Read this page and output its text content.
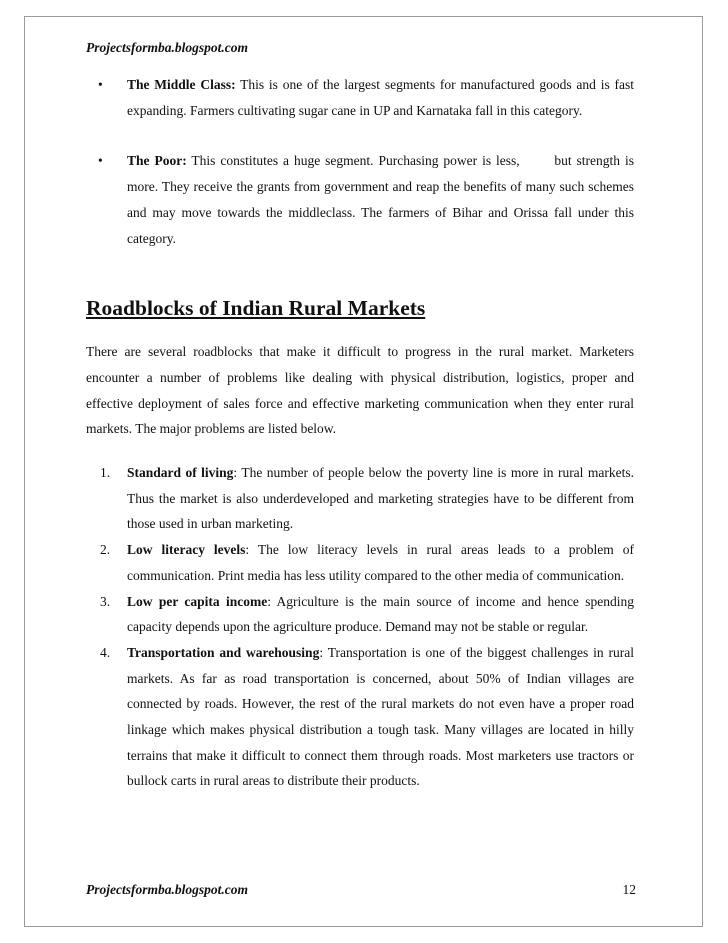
Projectsformba.blogspot.com
• The Middle Class: This is one of the largest segments for manufactured goods and is fast expanding. Farmers cultivating sugar cane in UP and Karnataka fall in this category.
• The Poor: This constitutes a huge segment. Purchasing power is less,       but strength is more. They receive the grants from government and reap the benefits of many such schemes and may move towards the middleclass. The farmers of Bihar and Orissa fall under this category.
Roadblocks of Indian Rural Markets

There are several roadblocks that make it difficult to progress in the rural market. Marketers encounter a number of problems like dealing with physical distribution, logistics, proper and effective deployment of sales force and effective marketing communication when they enter rural markets. The major problems are listed below.

1. Standard of living: The number of people below the poverty line is more in rural markets. Thus the market is also underdeveloped and marketing strategies have to be different from those used in urban marketing.
2. Low literacy levels: The low literacy levels in rural areas leads to a problem of communication. Print media has less utility compared to the other media of communication.
3. Low per capita income: Agriculture is the main source of income and hence spending capacity depends upon the agriculture produce. Demand may not be stable or regular.
4. Transportation and warehousing: Transportation is one of the biggest challenges in rural markets. As far as road transportation is concerned, about 50% of Indian villages are connected by roads. However, the rest of the rural markets do not even have a proper road linkage which makes physical distribution a tough task. Many villages are located in hilly terrains that make it difficult to connect them through roads. Most marketers use tractors or bullock carts in rural areas to distribute their products.
Projectsformba.blogspot.com	12
